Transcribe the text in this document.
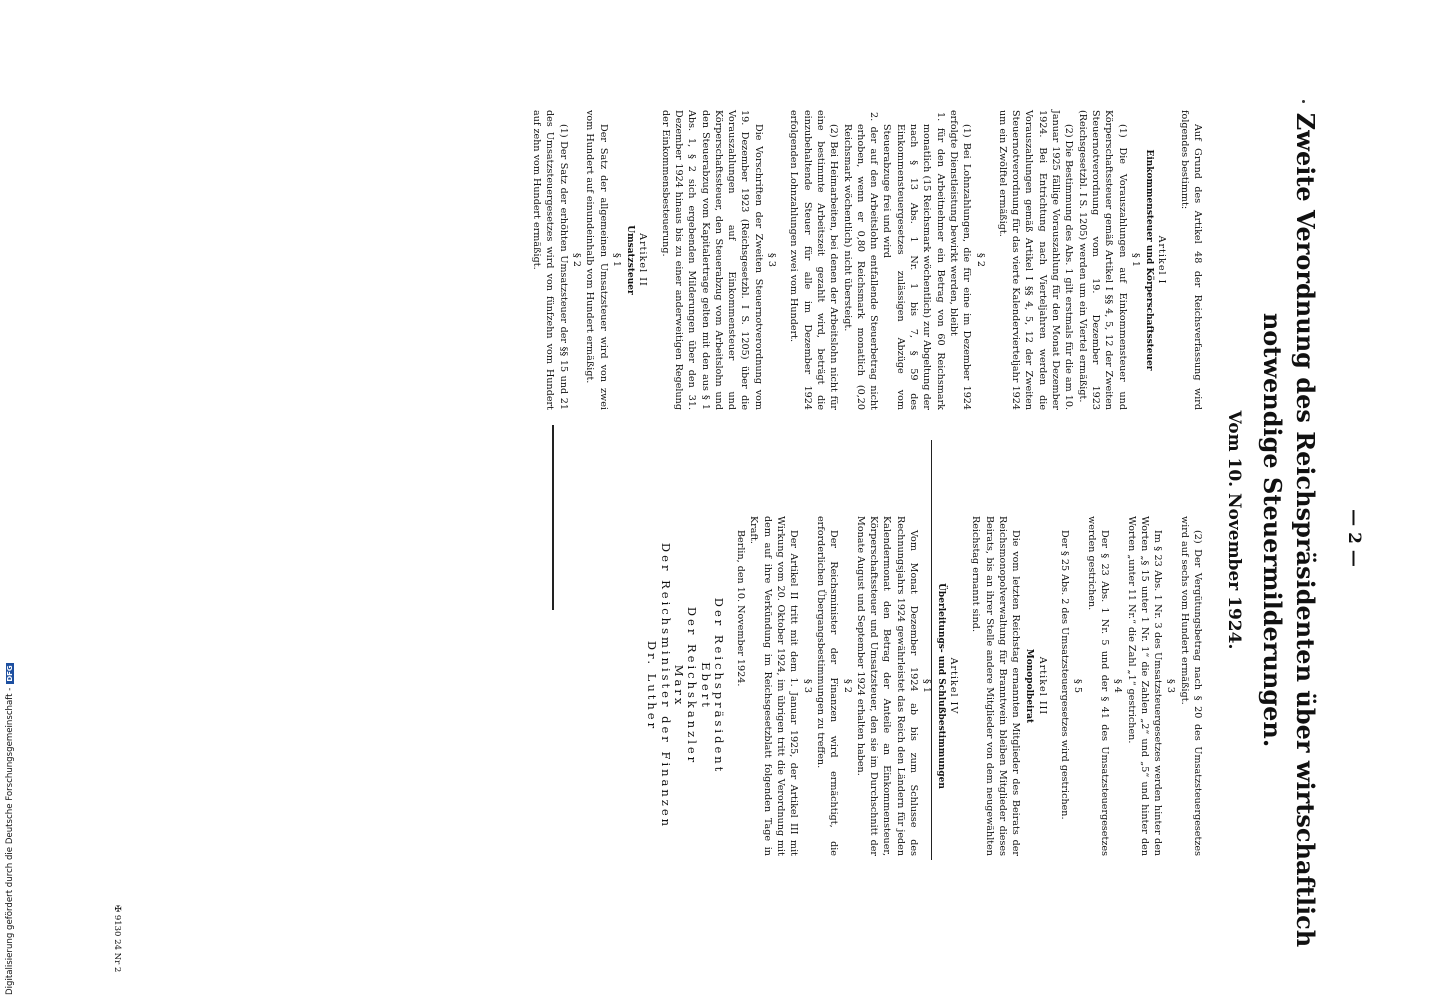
— 2 —
Zweite Verordnung des Reichspräsidenten über wirtschaftlich notwendige Steuermilderungen.
Vom 10. November 1924.

Auf Grund des Artikel 48 der Reichsverfassung wird folgendes bestimmt:

Artikel I

Einkommensteuer und Körperschaftssteuer

§ 1

(1) Die Vorauszahlungen auf Einkommensteuer und Körperschaftssteuer gemäß Artikel I §§ 4, 5, 12 der Zweiten Steuernotverordnung vom 19. Dezember 1923 (Reichsgesetzbl. I S. 1205) werden um ein Viertel ermäßigt.

(2) Die Bestimmung des Abs. 1 gilt erstmals für die am 10. Januar 1925 fällige Vorauszahlung für den Monat Dezember 1924. Bei Entrichtung nach Vierteljahren werden die Vorauszahlungen gemäß Artikel I §§ 4, 5, 12 der Zweiten Steuernotverordnung für das vierte Kalendervierteljahr 1924 um ein Zwölftel ermäßigt.

§ 2

(1) Bei Lohnzahlungen, die für eine im Dezember 1924 erfolgte Dienstleistung bewirkt werden, bleibt

1. für den Arbeitnehmer ein Betrag von 60 Reichsmark monatlich (15 Reichsmark wöchentlich) zur Abgeltung der nach § 13 Abs. 1 Nr. 1 bis 7, § 59 des Einkommensteuergesetzes zulässigen Abzüge vom Steuerabzuge frei und wird

2. der auf den Arbeitslohn entfallende Steuerbetrag nicht erhoben, wenn er 0,80 Reichsmark monatlich (0,20 Reichsmark wöchentlich) nicht übersteigt.

(2) Bei Heimarbeiten, bei denen der Arbeitslohn nicht für eine bestimmte Arbeitszeit gezahlt wird, beträgt die einzubehaltende Steuer für alle im Dezember 1924 erfolgenden Lohnzahlungen zwei vom Hundert.

§ 3

Die Vorschriften der Zweiten Steuernotverordnung vom 19. Dezember 1923 (Reichsgesetzbl. I S. 1205) über die Vorauszahlungen auf Einkommensteuer und Körperschaftssteuer, den Steuerabzug vom Arbeitslohn und den Steuerabzug vom Kapitalertrage gelten mit den aus § 1 Abs. 1, § 2 sich ergebenden Milderungen über den 31. Dezember 1924 hinaus bis zu einer anderweitigen Regelung der Einkommensbesteuerung.

Artikel II

Umsatzsteuer

§ 1

Der Satz der allgemeinen Umsatzsteuer wird von zwei vom Hundert auf einundeinhalb vom Hundert ermäßigt.

§ 2

(1) Der Satz der erhöhten Umsatzsteuer der §§ 15 und 21 des Umsatzsteuergesetzes wird von fünfzehn vom Hundert auf zehn vom Hundert ermäßigt.

(2) Der Vergütungsbetrag nach § 20 des Umsatzsteuergesetzes wird auf sechs vom Hundert ermäßigt.

§ 3

Im § 23 Abs. 1 Nr. 3 des Umsatzsteuergesetzes werden hinter den Worten „§ 15 unter 1 Nr. 1“ die Zahlen „2“ und „5“ und hinter den Worten „unter 11 Nr.“ die Zahl „1“ gestrichen.

§ 4

Der § 23 Abs. 1 Nr. 5 und der § 41 des Umsatzsteuergesetzes werden gestrichen.

§ 5

Der § 25 Abs. 2 des Umsatzsteuergesetzes wird gestrichen.

Artikel III

Monopolbeirat

Die vom letzten Reichstag ernannten Mitglieder des Beirats der Reichsmonopolverwaltung für Branntwein bleiben Mitglieder dieses Beirats, bis an ihrer Stelle andere Mitglieder von dem neugewählten Reichstag ernannt sind.

Artikel IV

Überleitungs- und Schlußbestimmungen

§ 1

Vom Monat Dezember 1924 ab bis zum Schlusse des Rechnungsjahrs 1924 gewährleistet das Reich den Ländern für jeden Kalendermonat den Betrag der Anteile an Einkommensteuer, Körperschaftssteuer und Umsatzsteuer, den sie im Durchschnitt der Monate August und September 1924 erhalten haben.

§ 2

Der Reichsminister der Finanzen wird ermächtigt, die erforderlichen Übergangsbestimmungen zu treffen.

§ 3

Der Artikel II tritt mit dem 1. Januar 1925, der Artikel III mit Wirkung vom 20. Oktober 1924, im übrigen tritt die Verordnung mit dem auf ihre Verkündung im Reichsgesetzblatt folgenden Tage in Kraft.

Berlin, den 10. November 1924.

Der Reichspräsident

Ebert

Der Reichskanzler

Marx

Der Reichsminister der Finanzen

Dr. Luther

✠ 9130 24 Nr 2
Digitalisierung gefördert durch die Deutsche Forschungsgemeinschaft -
DFG
